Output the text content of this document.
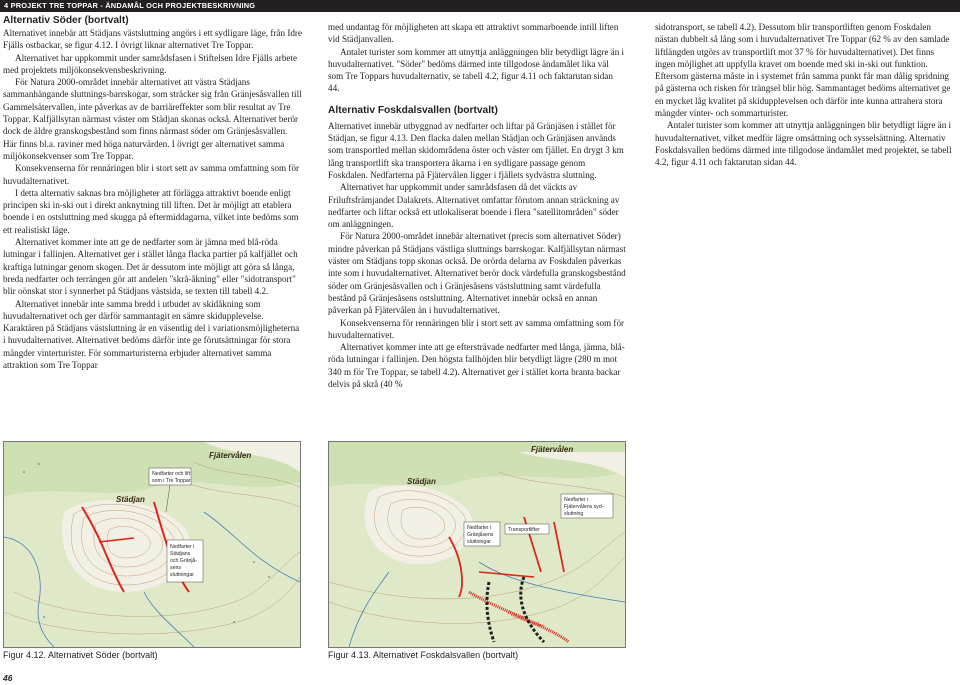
4 PROJEKT TRE TOPPAR - ÄNDAMÅL OCH PROJEKTBESKRIVNING

Alternativ Söder (bortvalt)

Alternativet innebär att Städjans västsluttning angörs i ett sydligare läge, från Idre Fjälls ostbackar, se figur 4.12. I övrigt liknar alternativet Tre Toppar.

Alternativet har uppkommit under samrådsfasen i Stiftelsen Idre Fjälls arbete med projektets miljökonsekvensbeskrivning.

För Natura 2000-området innebär alternativet att västra Städjans sammanhängande sluttnings-barrskogar, som sträcker sig från Gränjesåsvallen till Gammelsätervallen, inte påverkas av de barriäreffekter som blir resultat av Tre Toppar. Kalfjällsytan närmast väster om Städjan skonas också. Alternativet berör dock de äldre granskogsbestånd som finns närmast söder om Gränjesåsvallen. Här finns bl.a. raviner med höga naturvärden. I övrigt ger alternativet samma miljökonsekvenser som Tre Toppar.

Konsekvenserna för rennäringen blir i stort sett av samma omfattning som för huvudalternativet.

I detta alternativ saknas bra möjligheter att förlägga attraktivt boende enligt principen ski in-ski out i direkt anknytning till liften. Det är möjligt att etablera boende i en ostsluttning med skugga på eftermiddagarna, vilket inte bedöms som ett realistiskt läge.

Alternativet kommer inte att ge de nedfarter som är jämna med blå-röda lutningar i fallinjen. Alternativet ger i stället långa flacka partier på kalfjället och kraftiga lutningar genom skogen. Det är dessutom inte möjligt att göra så långa, breda nedfarter och terrängen gör att andelen "skrå-åkning" eller "sidotransport" blir oönskat stor i synnerhet på Städjans västsida, se texten till tabell 4.2.

Alternativet innebär inte samma bredd i utbudet av skidåkning som huvudalternativet och ger därför sammantagit en sämre skidupplevelse. Karaktären på Städjans västsluttning är en väsentlig del i variationsmöjligheterna i huvudalternativet. Alternativet bedöms därför inte ge förutsättningar för stora mängder vinterturister. För sommarturisterna erbjuder alternativet samma attraktion som Tre Toppar

med undantag för möjligheten att skapa ett attraktivt sommarboende intill liften vid Städjanvallen.

Antalet turister som kommer att utnyttja anläggningen blir betydligt lägre än i huvudalternativet. "Söder" bedöms därmed inte tillgodose ändamålet lika väl som Tre Toppars huvudalternativ, se tabell 4.2, figur 4.11 och faktarutan sidan 44.

Alternativ Foskdalsvallen (bortvalt)

Alternativet innebär utbyggnad av nedfarter och liftar på Gränjäsen i stället för Städjan, se figur 4.13. Den flacka dalen mellan Städjan och Gränjäsen används som transportled mellan skidområdena öster och väster om fjället. En drygt 3 km lång transportlift ska transportera åkarna i en sydligare passage genom Foskdalen. Nedfarterna på Fjätervålen ligger i fjällets sydvästra sluttning.

Alternativet har uppkommit under samrådsfasen då det väckts av Friluftsfrämjandet Dalakrets. Alternativet omfattar förutom annan sträckning av nedfarter och liftar också ett utlokaliserat boende i flera "satellitområden" söder om anläggningen.

För Natura 2000-området innebär alternativet (precis som alternativet Söder) mindre påverkan på Städjans västliga sluttnings barrskogar. Kalfjällsytan närmast väster om Städjans topp skonas också. De orörda delarna av Foskdalen påverkas inte som i huvudalternativet. Alternativet berör dock värdefulla granskogsbestånd söder om Gränjesåsvallen och i Gränjesåsens västsluttning samt värdefulla bestånd på Gränjesåsens ostsluttning. Alternativet innebär också en annan påverkan på Fjätervålen än i huvudalternativet.

Konsekvenserna för rennäringen blir i stort sett av samma omfattning som för huvudalternativet.

Alternativet kommer inte att ge eftersträvade nedfarter med långa, jämna, blå-röda lutningar i fallinjen. Den högsta fallhöjden blir betydligt lägre (280 m mot 340 m för Tre Toppar, se tabell 4.2). Alternativet ger i stället korta branta backar delvis på skrå (40 %

sidotransport, se tabell 4.2). Dessutom blir transportliften genom Foskdalen nästan dubbelt så lång som i huvudalternativet Tre Toppar (62 % av den samlade liftlängden utgörs av transportlift mot 37 % för huvudalternativet). Det finns ingen möjlighet att uppfylla kravet om boende med ski in-ski out funktion. Eftersom gästerna måste in i systemet från samma punkt får man dålig spridning på gästerna och risken för trängsel blir hög. Sammantaget bedöms alternativet ge en mycket låg kvalitet på skidupplevelsen och därför inte kunna attrahera stora mängder vinter- och sommarturister.

Antalet turister som kommer att utnyttja anläggningen blir betydligt lägre än i huvudalternativet, vilket medför lägre omsättning och sysselsättning. Alternativ Foskdalsvallen bedöms därmed inte tillgodose ändamålet med projektet, se tabell 4.2, figur 4.11 och faktarutan sidan 44.

Städjan
Fjätervålen
Nedfarter och lift
som i Tre Toppar
Nedfarter i
Städjans
och Gränjå-
sens
sluttningar
Foskdalsvallen
Städjan
Fjätervålen
Nedfarter i
Fjätervålens syd-
sluttning
Nedfarter i
Gränjåsens
sluttningar
Transportlifter
Figur 4.12. Alternativet Söder (bortvalt)	Figur 4.13. Alternativet Foskdalsvallen (bortvalt)
46
